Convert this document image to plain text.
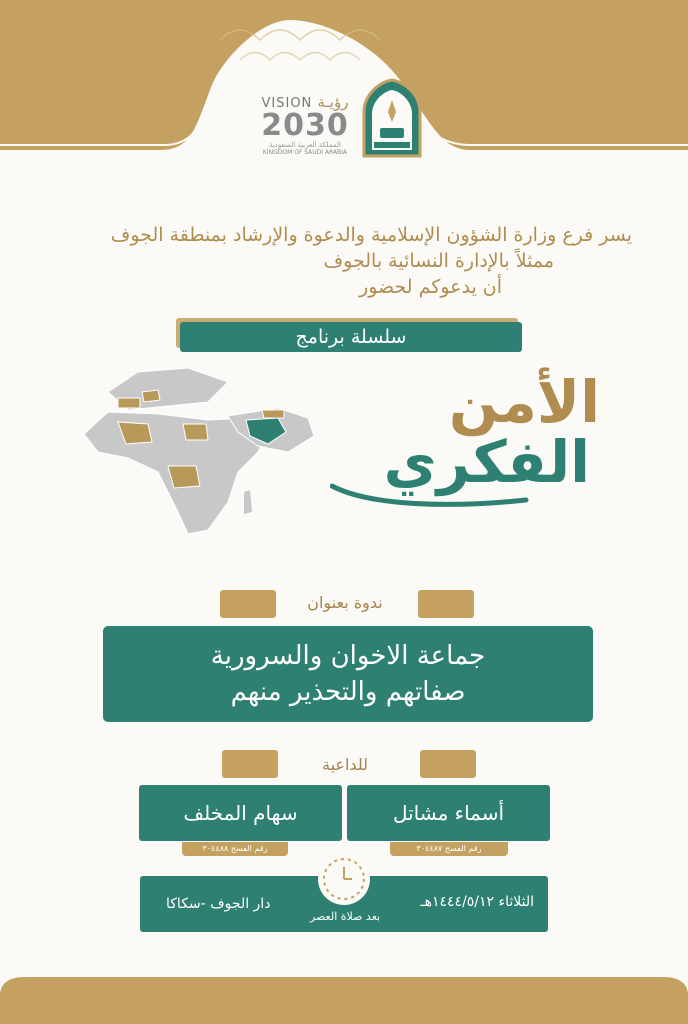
VISION رؤيـة
2030
المملكة العربية السعودية
KINGDOM OF SAUDI ARABIA
يسر فرع وزارة الشؤون الإسلامية والدعوة والإرشاد بمنطقة الجوف
ممثلاً بالإدارة النسائية بالجوف
أن يدعوكم لحضور
سلسلة برنامج
الأمن
الفكري
ندوة بعنوان
جماعة الاخوان والسرورية
صفاتهم والتحذير منهم
للداعية
أسماء مشاتل
رقم الفسح ٣٠٤٤٨٧
سهام المخلف
رقم الفسح ٣٠٤٤٨٨
الثلاثاء ١٤٤٤/٥/١٢هـ
دار الجوف -سكاكا
بعد صلاة العصر
